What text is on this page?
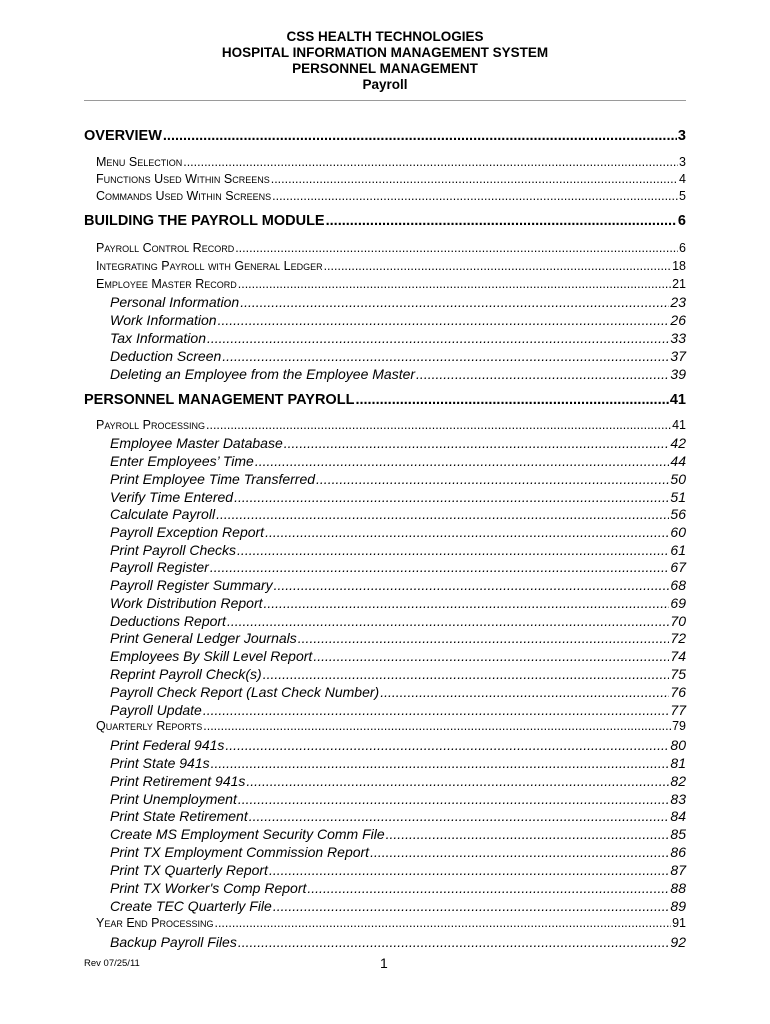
CSS HEALTH TECHNOLOGIES
HOSPITAL INFORMATION MANAGEMENT SYSTEM
PERSONNEL MANAGEMENT
Payroll
OVERVIEW .....	3
Menu Selection .....	3
Functions Used Within Screens .....	4
Commands Used Within Screens .....	5
BUILDING THE PAYROLL MODULE .....	6
Payroll Control Record .....	6
Integrating Payroll with General Ledger .....	18
Employee Master Record .....	21
Personal Information .....	23
Work Information .....	26
Tax Information .....	33
Deduction Screen .....	37
Deleting an Employee from the Employee Master .....	39
PERSONNEL MANAGEMENT PAYROLL .....	41
Payroll Processing .....	41
Employee Master Database .....	42
Enter Employees’ Time .....	44
Print Employee Time Transferred .....	50
Verify Time Entered .....	51
Calculate Payroll .....	56
Payroll Exception Report .....	60
Print Payroll Checks .....	61
Payroll Register .....	67
Payroll Register Summary .....	68
Work Distribution Report .....	69
Deductions Report .....	70
Print General Ledger Journals .....	72
Employees By Skill Level Report .....	74
Reprint Payroll Check(s) .....	75
Payroll Check Report (Last Check Number) .....	76
Payroll Update .....	77
Quarterly Reports .....	79
Print Federal 941s .....	80
Print State 941s .....	81
Print Retirement 941s .....	82
Print Unemployment .....	83
Print State Retirement .....	84
Create MS Employment Security Comm File .....	85
Print TX Employment Commission Report .....	86
Print TX Quarterly Report .....	87
Print TX Worker's Comp Report .....	88
Create TEC Quarterly File .....	89
Year End Processing .....	91
Backup Payroll Files .....	92
Rev 07/25/11	1
